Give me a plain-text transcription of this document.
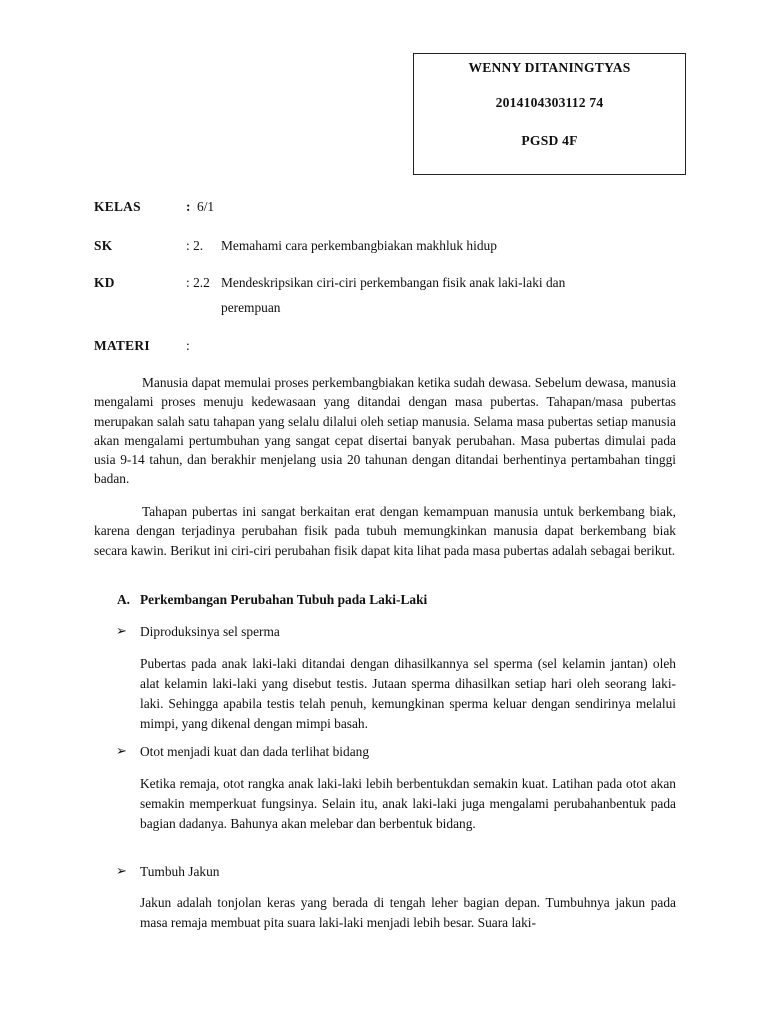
WENNY DITANINGTYAS
2014104303112 74
PGSD 4F
KELAS	: 6/1
SK	: 2. Memahami cara perkembangbiakan makhluk hidup
KD	: 2.2 Mendeskripsikan ciri-ciri perkembangan fisik anak laki-laki dan
perempuan
MATERI	:
Manusia dapat memulai proses perkembangbiakan ketika sudah dewasa. Sebelum dewasa, manusia mengalami proses menuju kedewasaan yang ditandai dengan masa pubertas. Tahapan/masa pubertas merupakan salah satu tahapan yang selalu dilalui oleh setiap manusia. Selama masa pubertas setiap manusia akan mengalami pertumbuhan yang sangat cepat disertai banyak perubahan. Masa pubertas dimulai pada usia 9-14 tahun, dan berakhir menjelang usia 20 tahunan dengan ditandai berhentinya pertambahan tinggi badan.
Tahapan pubertas ini sangat berkaitan erat dengan kemampuan manusia untuk berkembang biak, karena dengan terjadinya perubahan fisik pada tubuh memungkinkan manusia dapat berkembang biak secara kawin. Berikut ini ciri-ciri perubahan fisik dapat kita lihat pada masa pubertas adalah sebagai berikut.
A. Perkembangan Perubahan Tubuh pada Laki-Laki
➢ Diproduksinya sel sperma
Pubertas pada anak laki-laki ditandai dengan dihasilkannya sel sperma (sel kelamin jantan) oleh alat kelamin laki-laki yang disebut testis. Jutaan sperma dihasilkan setiap hari oleh seorang laki-laki. Sehingga apabila testis telah penuh, kemungkinan sperma keluar dengan sendirinya melalui mimpi, yang dikenal dengan mimpi basah.
➢ Otot menjadi kuat dan dada terlihat bidang
Ketika remaja, otot rangka anak laki-laki lebih berbentukdan semakin kuat. Latihan pada otot akan semakin memperkuat fungsinya. Selain itu, anak laki-laki juga mengalami perubahanbentuk pada bagian dadanya. Bahunya akan melebar dan berbentuk bidang.
➢ Tumbuh Jakun
Jakun adalah tonjolan keras yang berada di tengah leher bagian depan. Tumbuhnya jakun pada masa remaja membuat pita suara laki-laki menjadi lebih besar. Suara laki-
